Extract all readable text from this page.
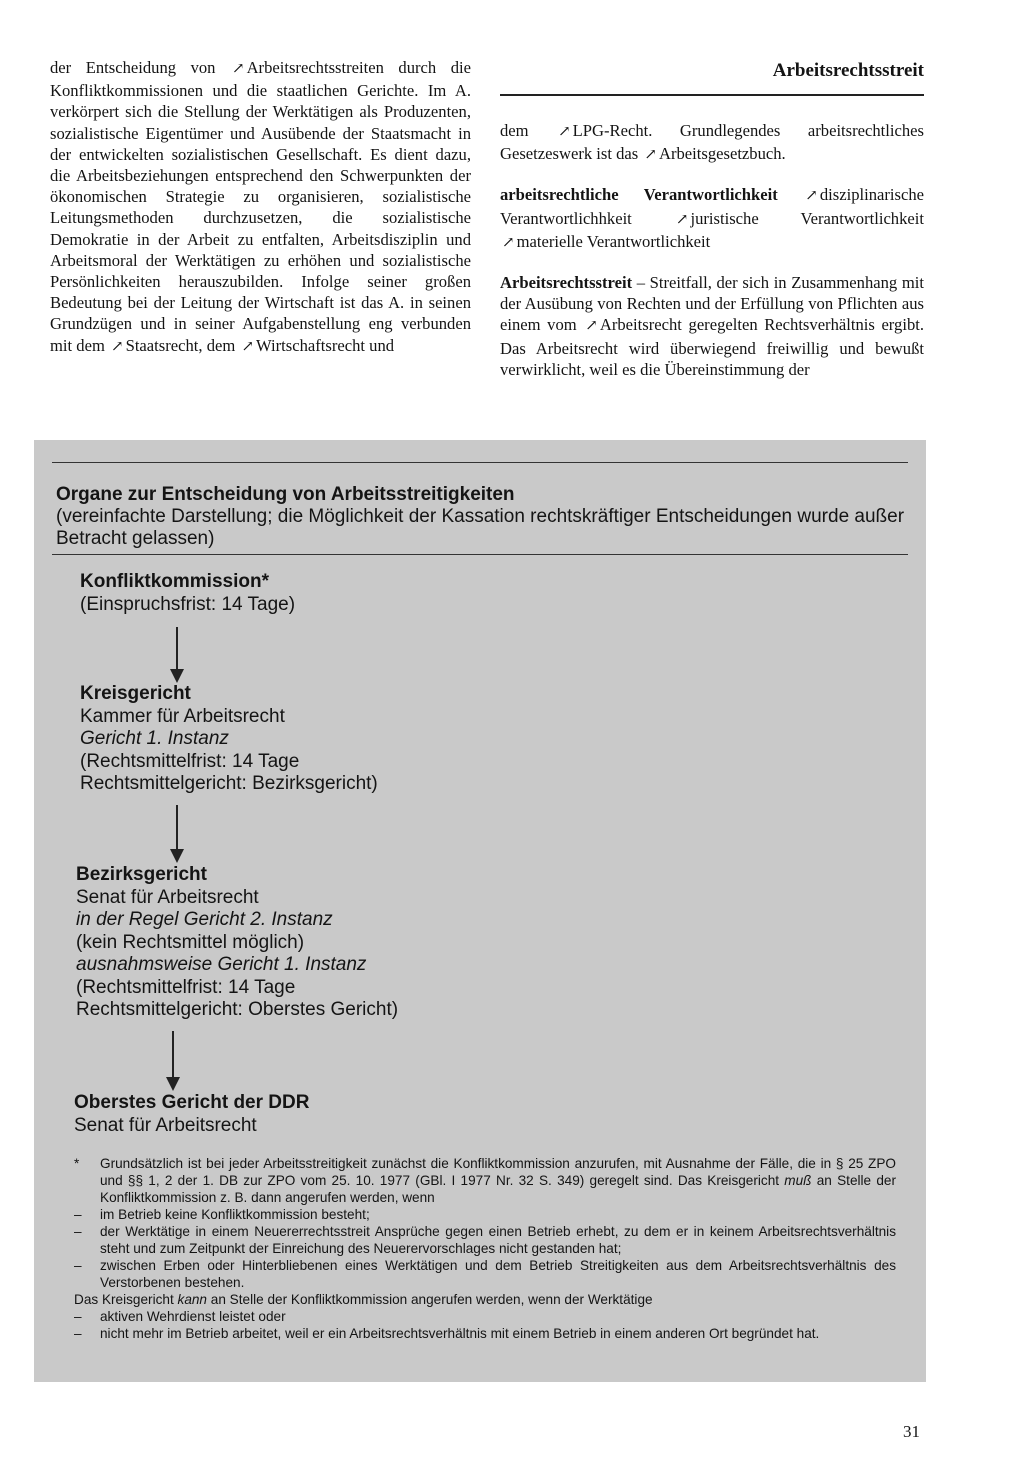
Arbeitsrechtsstreit

der Entscheidung von ↗ Arbeitsrechtsstreiten durch die Konfliktkommissionen und die staatlichen Gerichte. Im A. verkörpert sich die Stellung der Werktätigen als Produzenten, sozialistische Eigentümer und Ausübende der Staatsmacht in der entwickelten sozialistischen Gesellschaft. Es dient dazu, die Arbeitsbeziehungen entsprechend den Schwerpunkten der ökonomischen Strategie zu organisieren, sozialistische Leitungsmethoden durchzusetzen, die sozialistische Demokratie in der Arbeit zu entfalten, Arbeitsdisziplin und Arbeitsmoral der Werktätigen zu erhöhen und sozialistische Persönlichkeiten herauszubilden. Infolge seiner großen Bedeutung bei der Leitung der Wirtschaft ist das A. in seinen Grundzügen und in seiner Aufgabenstellung eng verbunden mit dem ↗ Staatsrecht, dem ↗ Wirtschaftsrecht und

dem ↗ LPG-Recht. Grundlegendes arbeitsrechtliches Gesetzeswerk ist das ↗ Arbeitsgesetzbuch.

arbeitsrechtliche Verantwortlichkeit ↗ disziplinarische Verantwortlichhkeit	↗ juristische Verantwortlichkeit ↗ materielle Verantwortlichkeit

Arbeitsrechtsstreit – Streitfall, der sich in Zusammenhang mit der Ausübung von Rechten und der Erfüllung von Pflichten aus einem vom ↗ Arbeitsrecht geregelten Rechtsverhältnis ergibt. Das Arbeitsrecht wird überwiegend freiwillig und bewußt verwirklicht, weil es die Übereinstimmung der

Organe zur Entscheidung von Arbeitsstreitigkeiten
(vereinfachte Darstellung; die Möglichkeit der Kassation rechtskräftiger Entscheidungen wurde außer Betracht gelassen)
Konfliktkommission*
(Einspruchsfrist: 14 Tage)
Kreisgericht
Kammer für Arbeitsrecht
Gericht 1. Instanz
(Rechtsmittelfrist: 14 Tage
Rechtsmittelgericht: Bezirksgericht)
Bezirksgericht
Senat für Arbeitsrecht
in der Regel Gericht 2. Instanz
(kein Rechtsmittel möglich)
ausnahmsweise Gericht 1. Instanz
(Rechtsmittelfrist: 14 Tage
Rechtsmittelgericht: Oberstes Gericht)
Oberstes Gericht der DDR
Senat für Arbeitsrecht

* Grundsätzlich ist bei jeder Arbeitsstreitigkeit zunächst die Konfliktkommission anzurufen, mit Ausnahme der Fälle, die in § 25 ZPO und §§ 1, 2 der 1. DB zur ZPO vom 25. 10. 1977 (GBl. I 1977 Nr. 32 S. 349) geregelt sind. Das Kreisgericht muß an Stelle der Konfliktkommission z. B. dann angerufen werden, wenn

– im Betrieb keine Konfliktkommission besteht;

– der Werktätige in einem Neuererrechtsstreit Ansprüche gegen einen Betrieb erhebt, zu dem er in keinem Arbeitsrechtsverhältnis steht und zum Zeitpunkt der Einreichung des Neuerervorschlages nicht gestanden hat;

– zwischen Erben oder Hinterbliebenen eines Werktätigen und dem Betrieb Streitigkeiten aus dem Arbeitsrechtsverhältnis des Verstorbenen bestehen.

Das Kreisgericht kann an Stelle der Konfliktkommission angerufen werden, wenn der Werktätige

– aktiven Wehrdienst leistet oder

– nicht mehr im Betrieb arbeitet, weil er ein Arbeitsrechtsverhältnis mit einem Betrieb in einem anderen Ort begründet hat.

31
